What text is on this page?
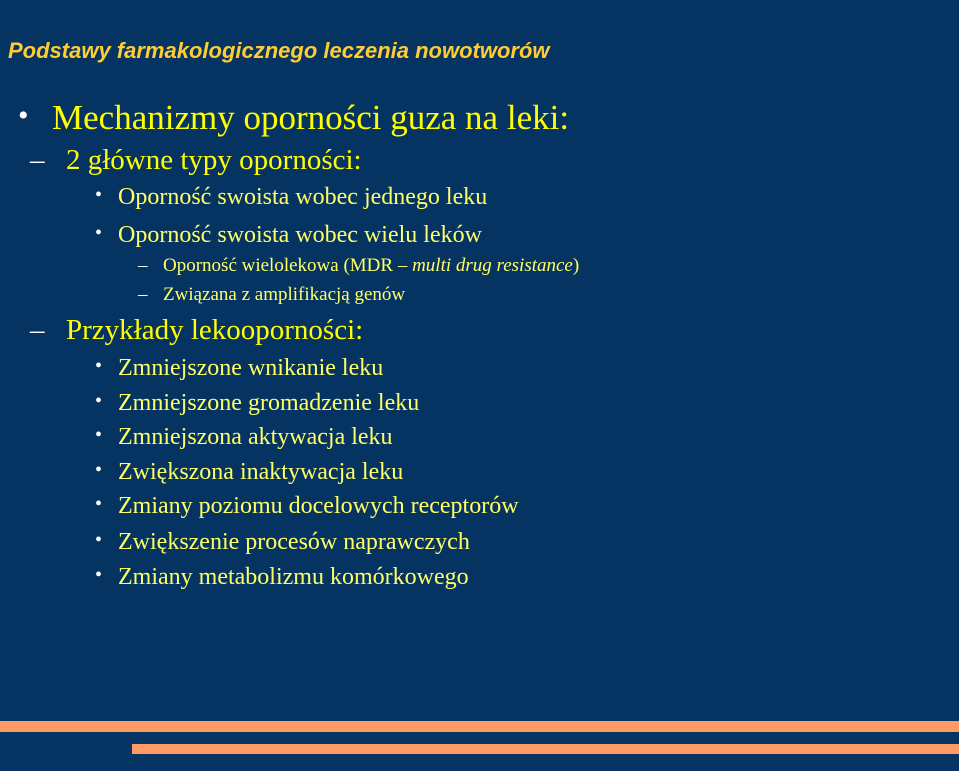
Podstawy farmakologicznego leczenia nowotworów
• Mechanizmy oporności guza na leki:
– 2 główne typy oporności:
• Oporność swoista wobec jednego leku
• Oporność swoista wobec wielu leków
– Oporność wielolekowa (MDR – multi drug resistance)
– Związana z amplifikacją genów
– Przykłady lekooporności:
• Zmniejszone wnikanie leku
• Zmniejszone gromadzenie leku
• Zmniejszona aktywacja leku
• Zwiększona inaktywacja leku
• Zmiany poziomu docelowych receptorów
• Zwiększenie procesów naprawczych
• Zmiany metabolizmu komórkowego
